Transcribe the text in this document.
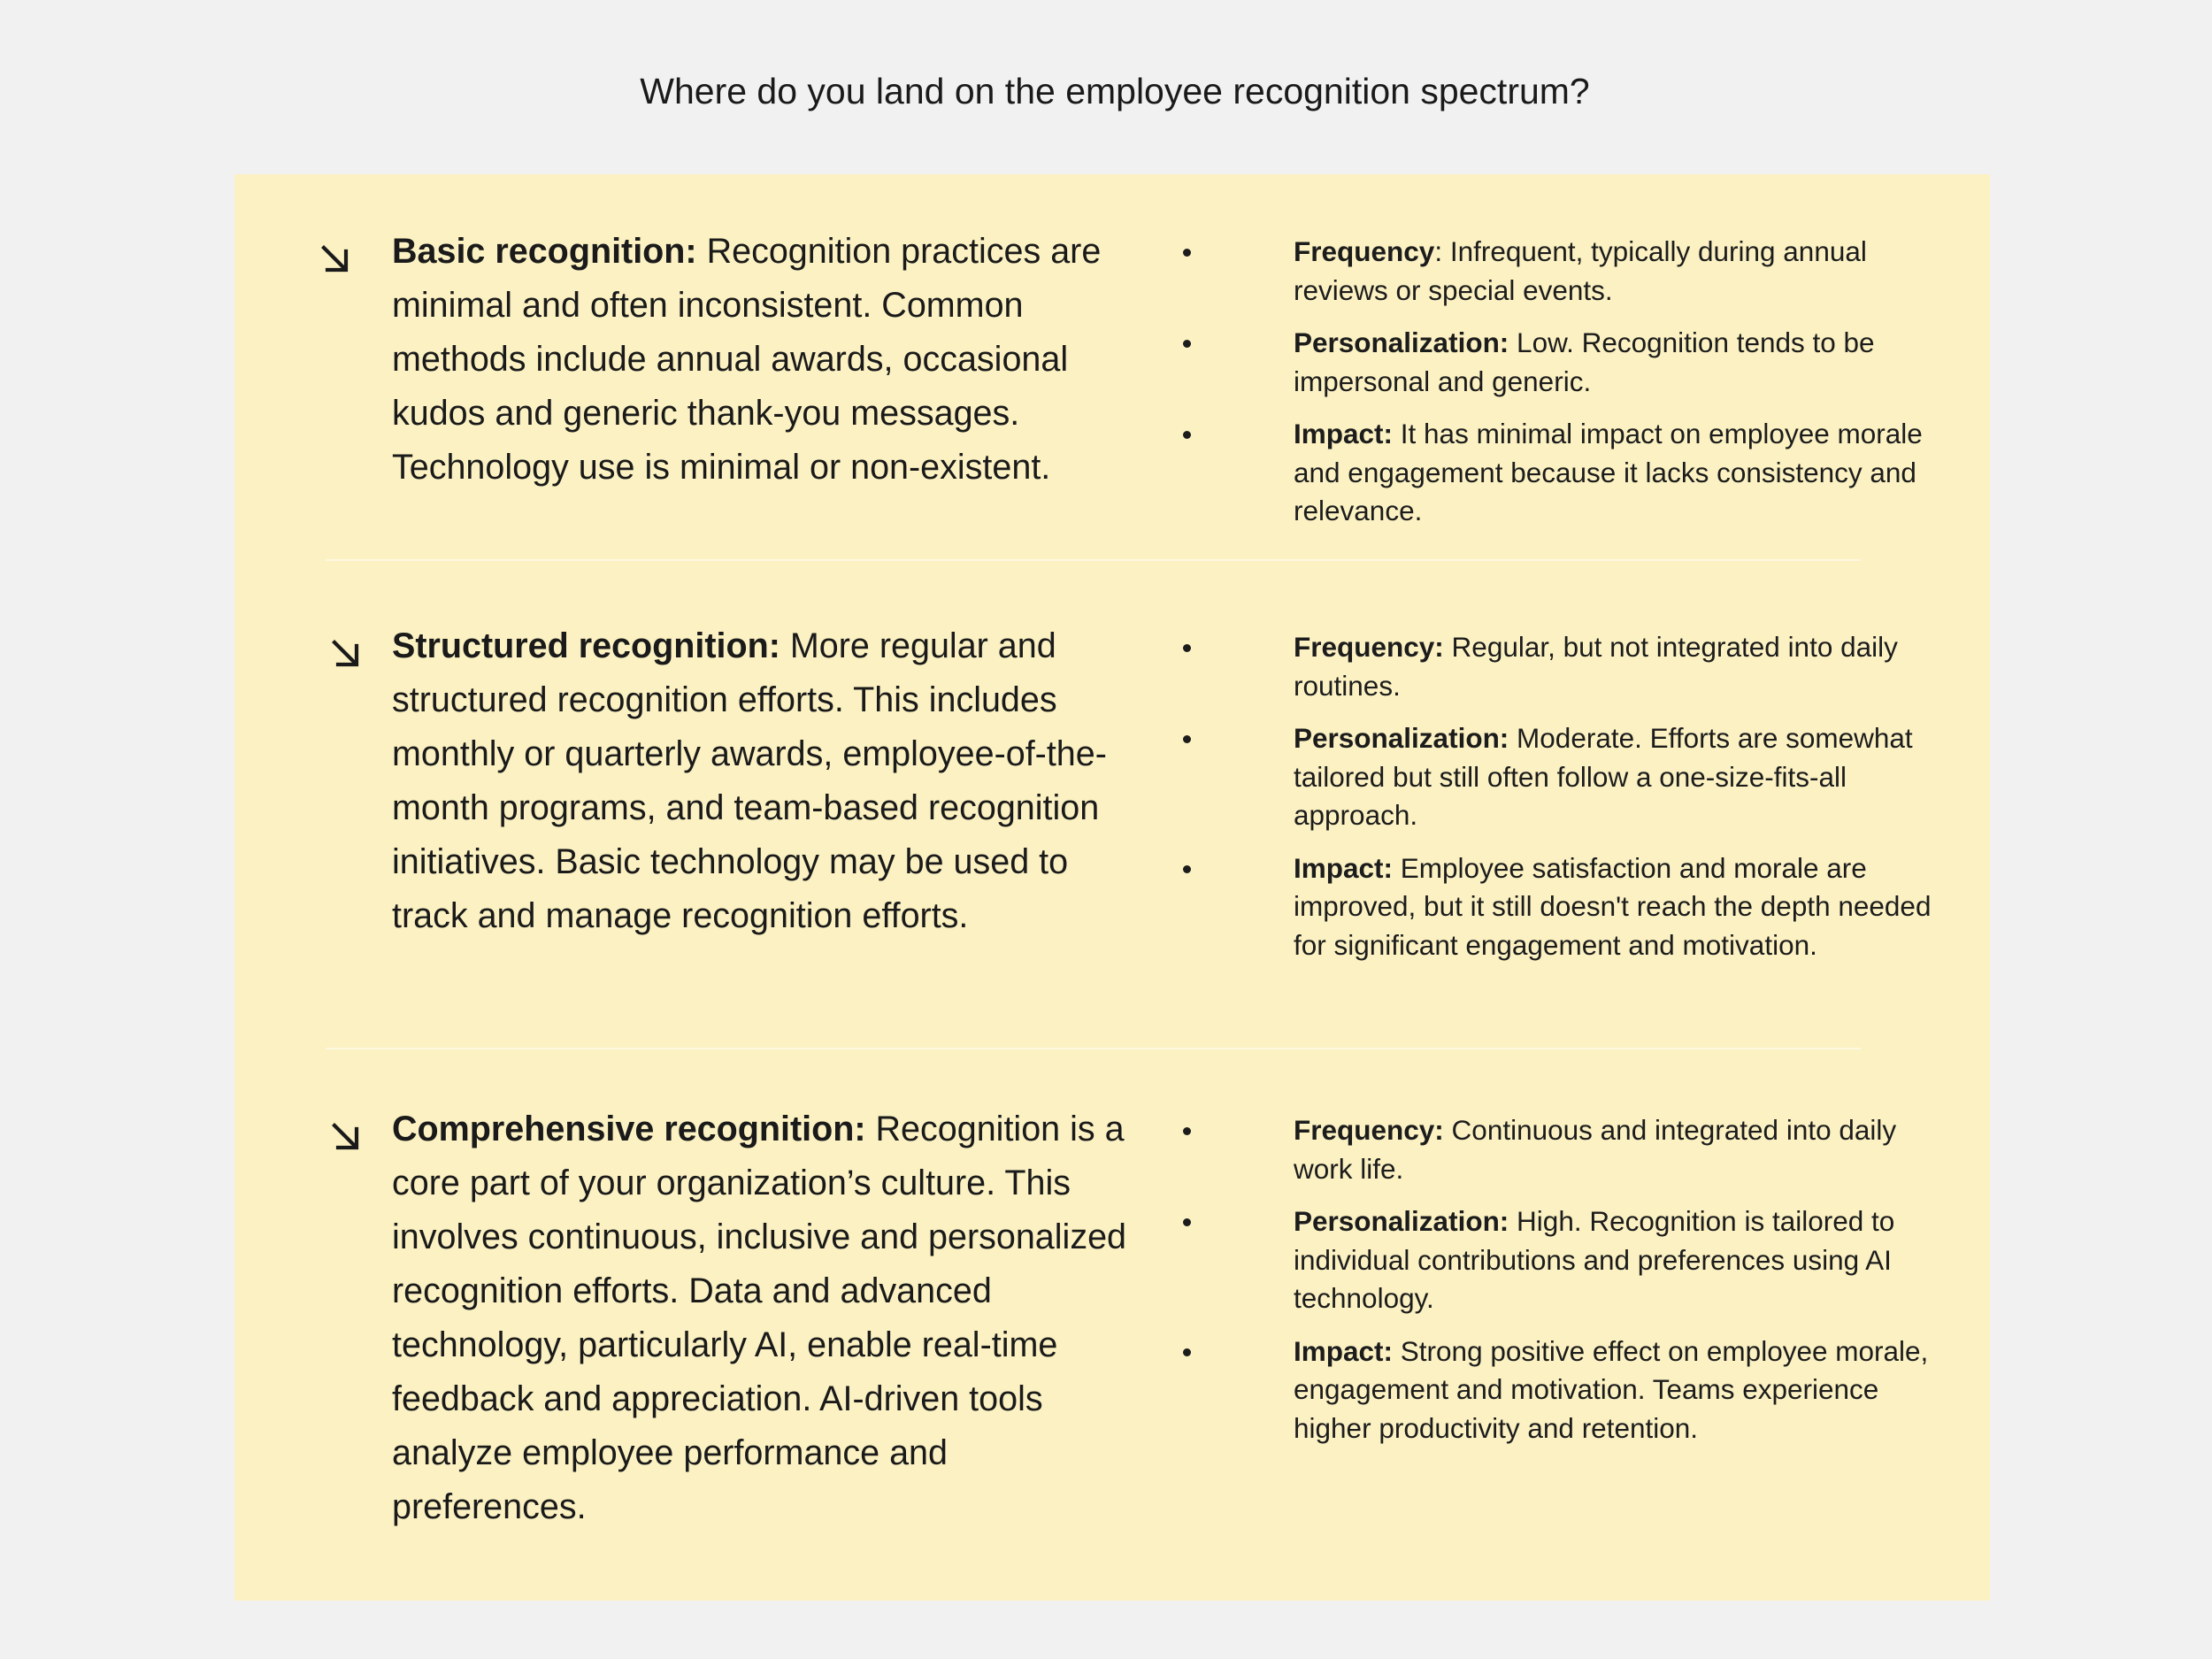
Where do you land on the employee recognition spectrum?
Basic recognition: Recognition practices are minimal and often inconsistent. Common methods include annual awards, occasional kudos and generic thank-you messages. Technology use is minimal or non-existent.
Frequency: Infrequent, typically during annual reviews or special events.
Personalization: Low. Recognition tends to be impersonal and generic.
Impact: It has minimal impact on employee morale and engagement because it lacks consistency and relevance.
Structured recognition: More regular and structured recognition efforts. This includes monthly or quarterly awards, employee-of-the-month programs, and team-based recognition initiatives. Basic technology may be used to track and manage recognition efforts.
Frequency: Regular, but not integrated into daily routines.
Personalization: Moderate. Efforts are somewhat tailored but still often follow a one-size-fits-all approach.
Impact: Employee satisfaction and morale are improved, but it still doesn't reach the depth needed for significant engagement and motivation.
Comprehensive recognition: Recognition is a core part of your organization’s culture. This involves continuous, inclusive and personalized recognition efforts. Data and advanced technology, particularly AI, enable real-time feedback and appreciation. AI-driven tools analyze employee performance and preferences.
Frequency: Continuous and integrated into daily work life.
Personalization: High. Recognition is tailored to individual contributions and preferences using AI technology.
Impact: Strong positive effect on employee morale, engagement and motivation. Teams experience higher productivity and retention.
